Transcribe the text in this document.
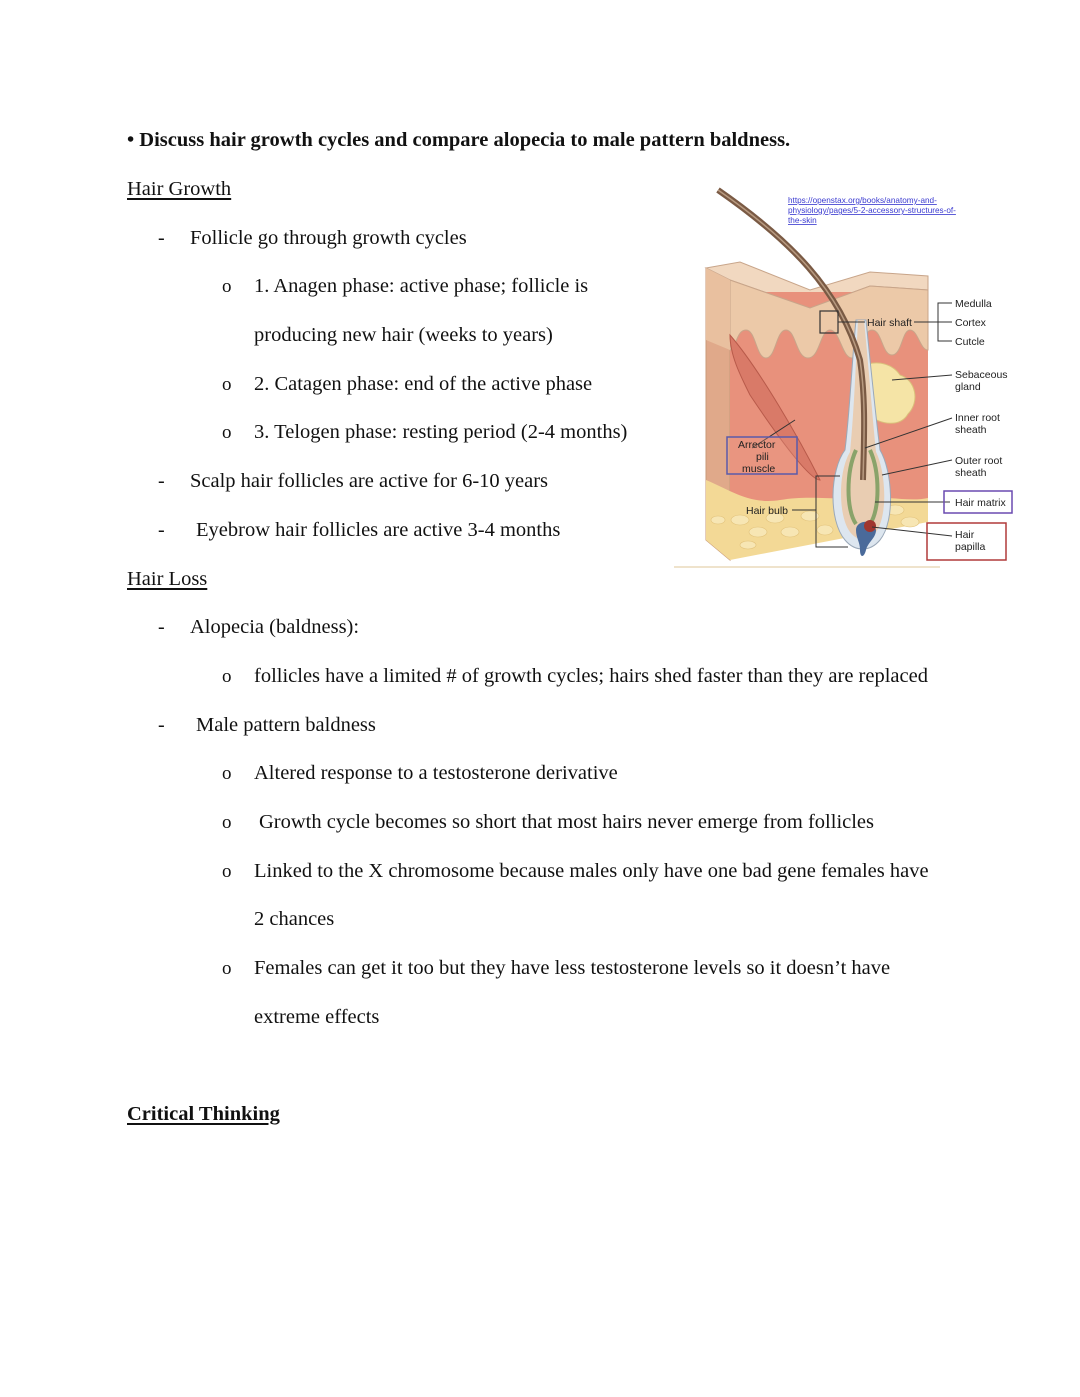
• Discuss hair growth cycles and compare alopecia to male pattern baldness.
Hair Growth
- Follicle go through growth cycles
o 1. Anagen phase: active phase; follicle is
producing new hair (weeks to years)
o 2. Catagen phase: end of the active phase
o 3. Telogen phase: resting period (2-4 months)
- Scalp hair follicles are active for 6-10 years
- Eyebrow hair follicles are active 3-4 months
Hair Loss
- Alopecia (baldness):
o follicles have a limited # of growth cycles; hairs shed faster than they are replaced
- Male pattern baldness
o Altered response to a testosterone derivative
o Growth cycle becomes so short that most hairs never emerge from follicles
o Linked to the X chromosome because males only have one bad gene females have
2 chances
o Females can get it too but they have less testosterone levels so it doesn’t have
extreme effects
Critical Thinking
https://openstax.org/books/anatomy-and-
physiology/pages/5-2-accessory-structures-of-
the-skin
Hair shaft
Medulla
Cortex
Cutcle
Sebaceous
gland
Inner root
sheath
Outer root
sheath
Hair matrix
Hair
papilla
Arrector
pili
muscle
Hair bulb
